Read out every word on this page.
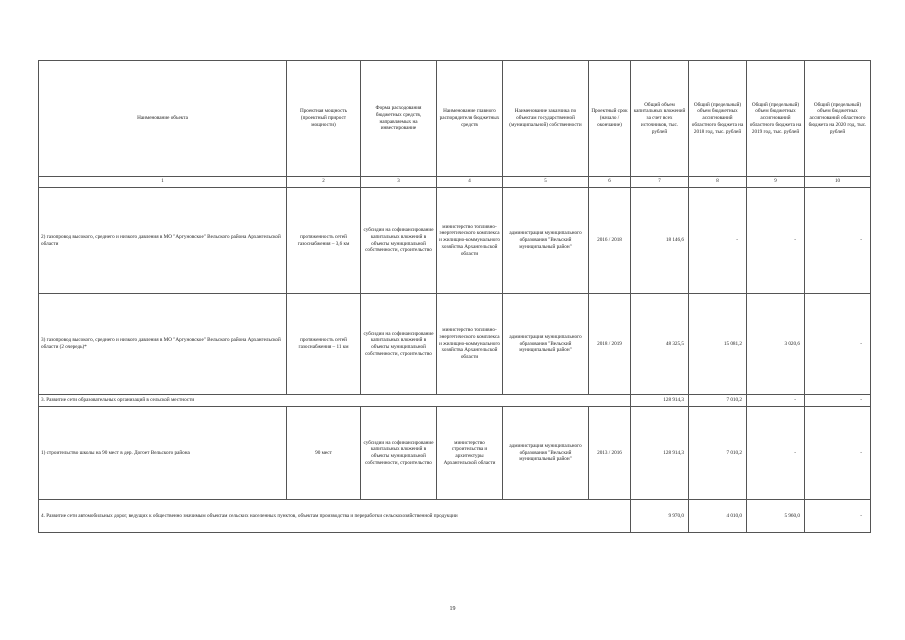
Наименование объекта	Проектная мощность (проектный прирост мощности)	Форма расходования бюджетных средств, направляемых на инвестирование	Наименование главного распорядителя бюджетных средств	Наименование заказчика по объектам государственной (муниципальной) собственности	Проектный срок (начало / окончание)	Общий объем капитальных вложений за счет всех источников, тыс. рублей	Общий (предельный) объем бюджетных ассигнований областного бюджета на 2018 год, тыс. рублей	Общий (предельный) объем бюджетных ассигнований областного бюджета на 2019 год, тыс. рублей	Общий (предельный) объем бюджетных ассигнований областного бюджета на 2020 год, тыс. рублей
1	2	3	4	5	6	7	8	9	10
2) газопровод высокого, среднего и низкого давления в МО "Аргуновское" Вельского района Архангельской области	протяженность сетей газоснабжения – 3,6 км	субсидии на софинансирование капитальных вложений в объекты муниципальной собственности, строительство	министерство топливно-энергетического комплекса и жилищно-коммунального хозяйства Архангельской области	администрация муниципального образования "Вельский муниципальный район"	2016 / 2018	18 146,6	-	-	-
3) газопровод высокого, среднего и низкого давления в МО "Аргуновское" Вельского района Архангельской области (2 очередь)*	протяженность сетей газоснабжения – 11 км	субсидии на софинансирование капитальных вложений в объекты муниципальной собственности, строительство	министерство топливно-энергетического комплекса и жилищно-коммунального хозяйства Архангельской области	администрация муниципального образования "Вельский муниципальный район"	2018 / 2019	48 325,5	15 081,2	3 020,6	-
3. Развитие сети образовательных организаций в сельской местности						128 914,3	7 010,2	-	-
1) строительство школы на 90 мест в дер. Догоет Вельского района	90 мест	субсидии на софинансирование капитальных вложений в объекты муниципальной собственности, строительство	министерство строительства и архитектуры Архангельской области	администрация муниципального образования "Вельский муниципальный район"	2013 / 2016	128 914,3	7 010,2	-	-
4. Развитие сети автомобильных дорог, ведущих к общественно значимым объектам сельских населенных пунктов, объектам производства и переработки сельскохозяйственной продукции						9 970,0	4 010,0	5 960,0	-
19
